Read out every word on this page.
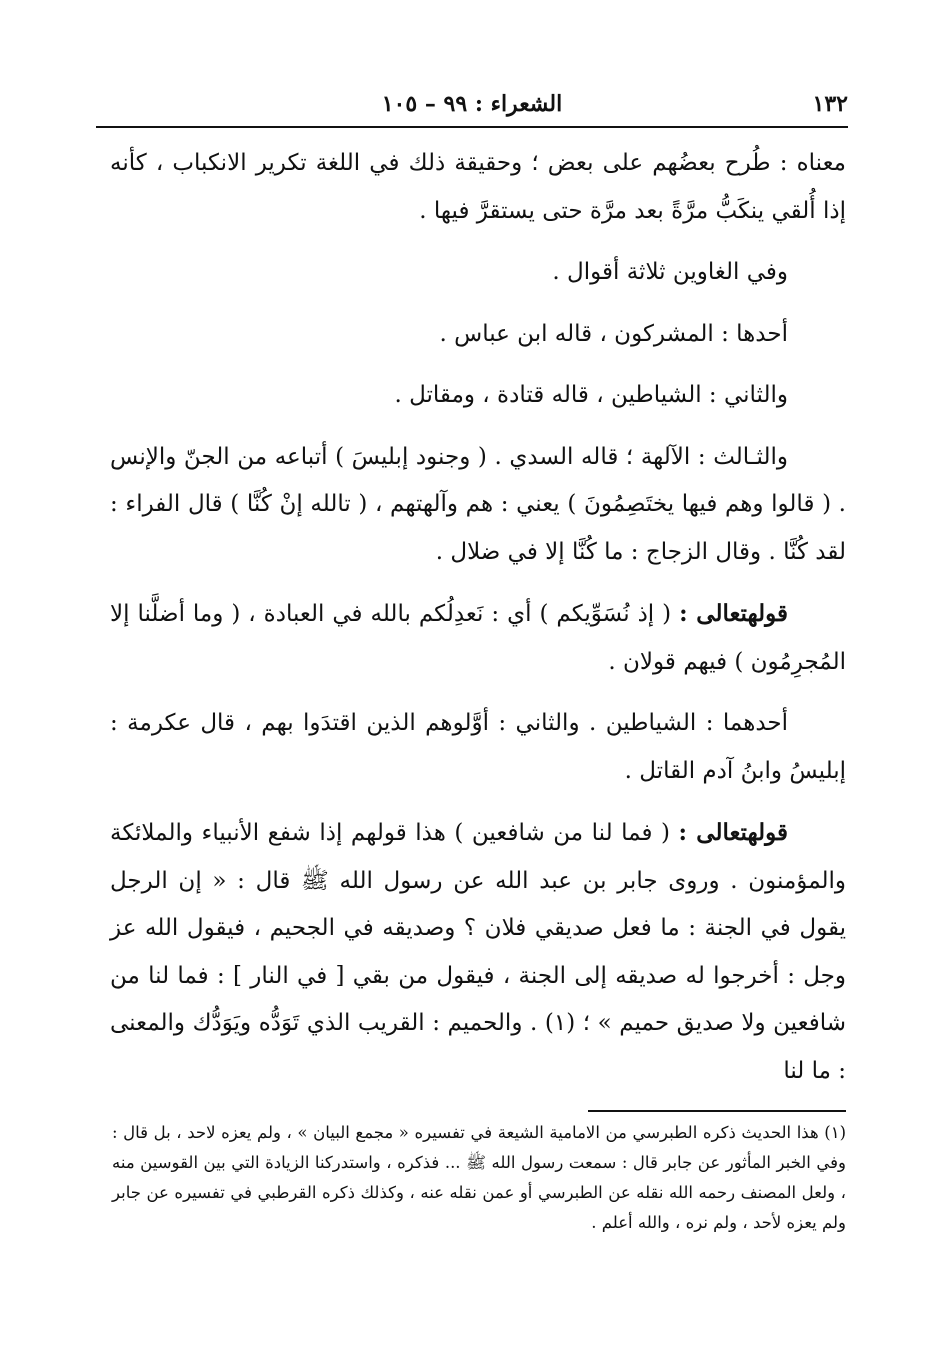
١٣٢
الشعراء : ٩٩ – ١٠٥

معناه : طُرح بعضُهم على بعض ؛ وحقيقة ذلك في اللغة تكرير الانكباب ، كأنه إذا أُلقي ينكَبُّ مرَّةً بعد مرَّة حتى يستقرَّ فيها .

وفي الغاوين ثلاثة أقوال .

أحدها : المشركون ، قاله ابن عباس .

والثاني : الشياطين ، قاله قتادة ، ومقاتل .

والثـالث : الآلهة ؛ قاله السدي . ( وجنود إبليسَ ) أتباعه من الجنّ والإنس . ( قالوا وهم فيها يختَصِمُونَ ) يعني : هم وآلهتهم ، ( تالله إنْ كُنَّا ) قال الفراء : لقد كُنَّا . وقال الزجاج : ما كُنَّا إلا في ضلال .

قولهتعالى : ( إذ نُسَوِّيكم ) أي : نَعدِلُكم بالله في العبادة ، ( وما أضلَّنا إلا المُجرِمُون ) فيهم قولان .

أحدهما : الشياطين . والثاني : أوَّلوهم الذين اقتدَوا بهم ، قال عكرمة : إبليسُ وابنُ آدم القاتل .

قولهتعالى : ( فما لنا من شافعين ) هذا قولهم إذا شفع الأنبياء والملائكة والمؤمنون . وروى جابر بن عبد الله عن رسول الله ﷺ قال : « إن الرجل يقول في الجنة : ما فعل صديقي فلان ؟ وصديقه في الجحيم ، فيقول الله عز وجل : أخرجوا له صديقه إلى الجنة ، فيقول من بقي [ في النار ] : فما لنا من شافعين ولا صديق حميم » ؛ (١) . والحميم : القريب الذي تَوَدُّه ويَوَدُّك والمعنى : ما لنا

(١) هذا الحديث ذكره الطبرسي من الامامية الشيعة في تفسيره « مجمع البيان » ، ولم يعزه لاحد ، بل قال : وفي الخبر المأثور عن جابر قال : سمعت رسول الله ﷺ ... فذكره ، واستدركنا الزيادة التي بين القوسين منه ، ولعل المصنف رحمه الله نقله عن الطبرسي أو عمن نقله عنه ، وكذلك ذكره القرطبي في تفسيره عن جابر ولم يعزه لأحد ، ولم نره ، والله أعلم .
